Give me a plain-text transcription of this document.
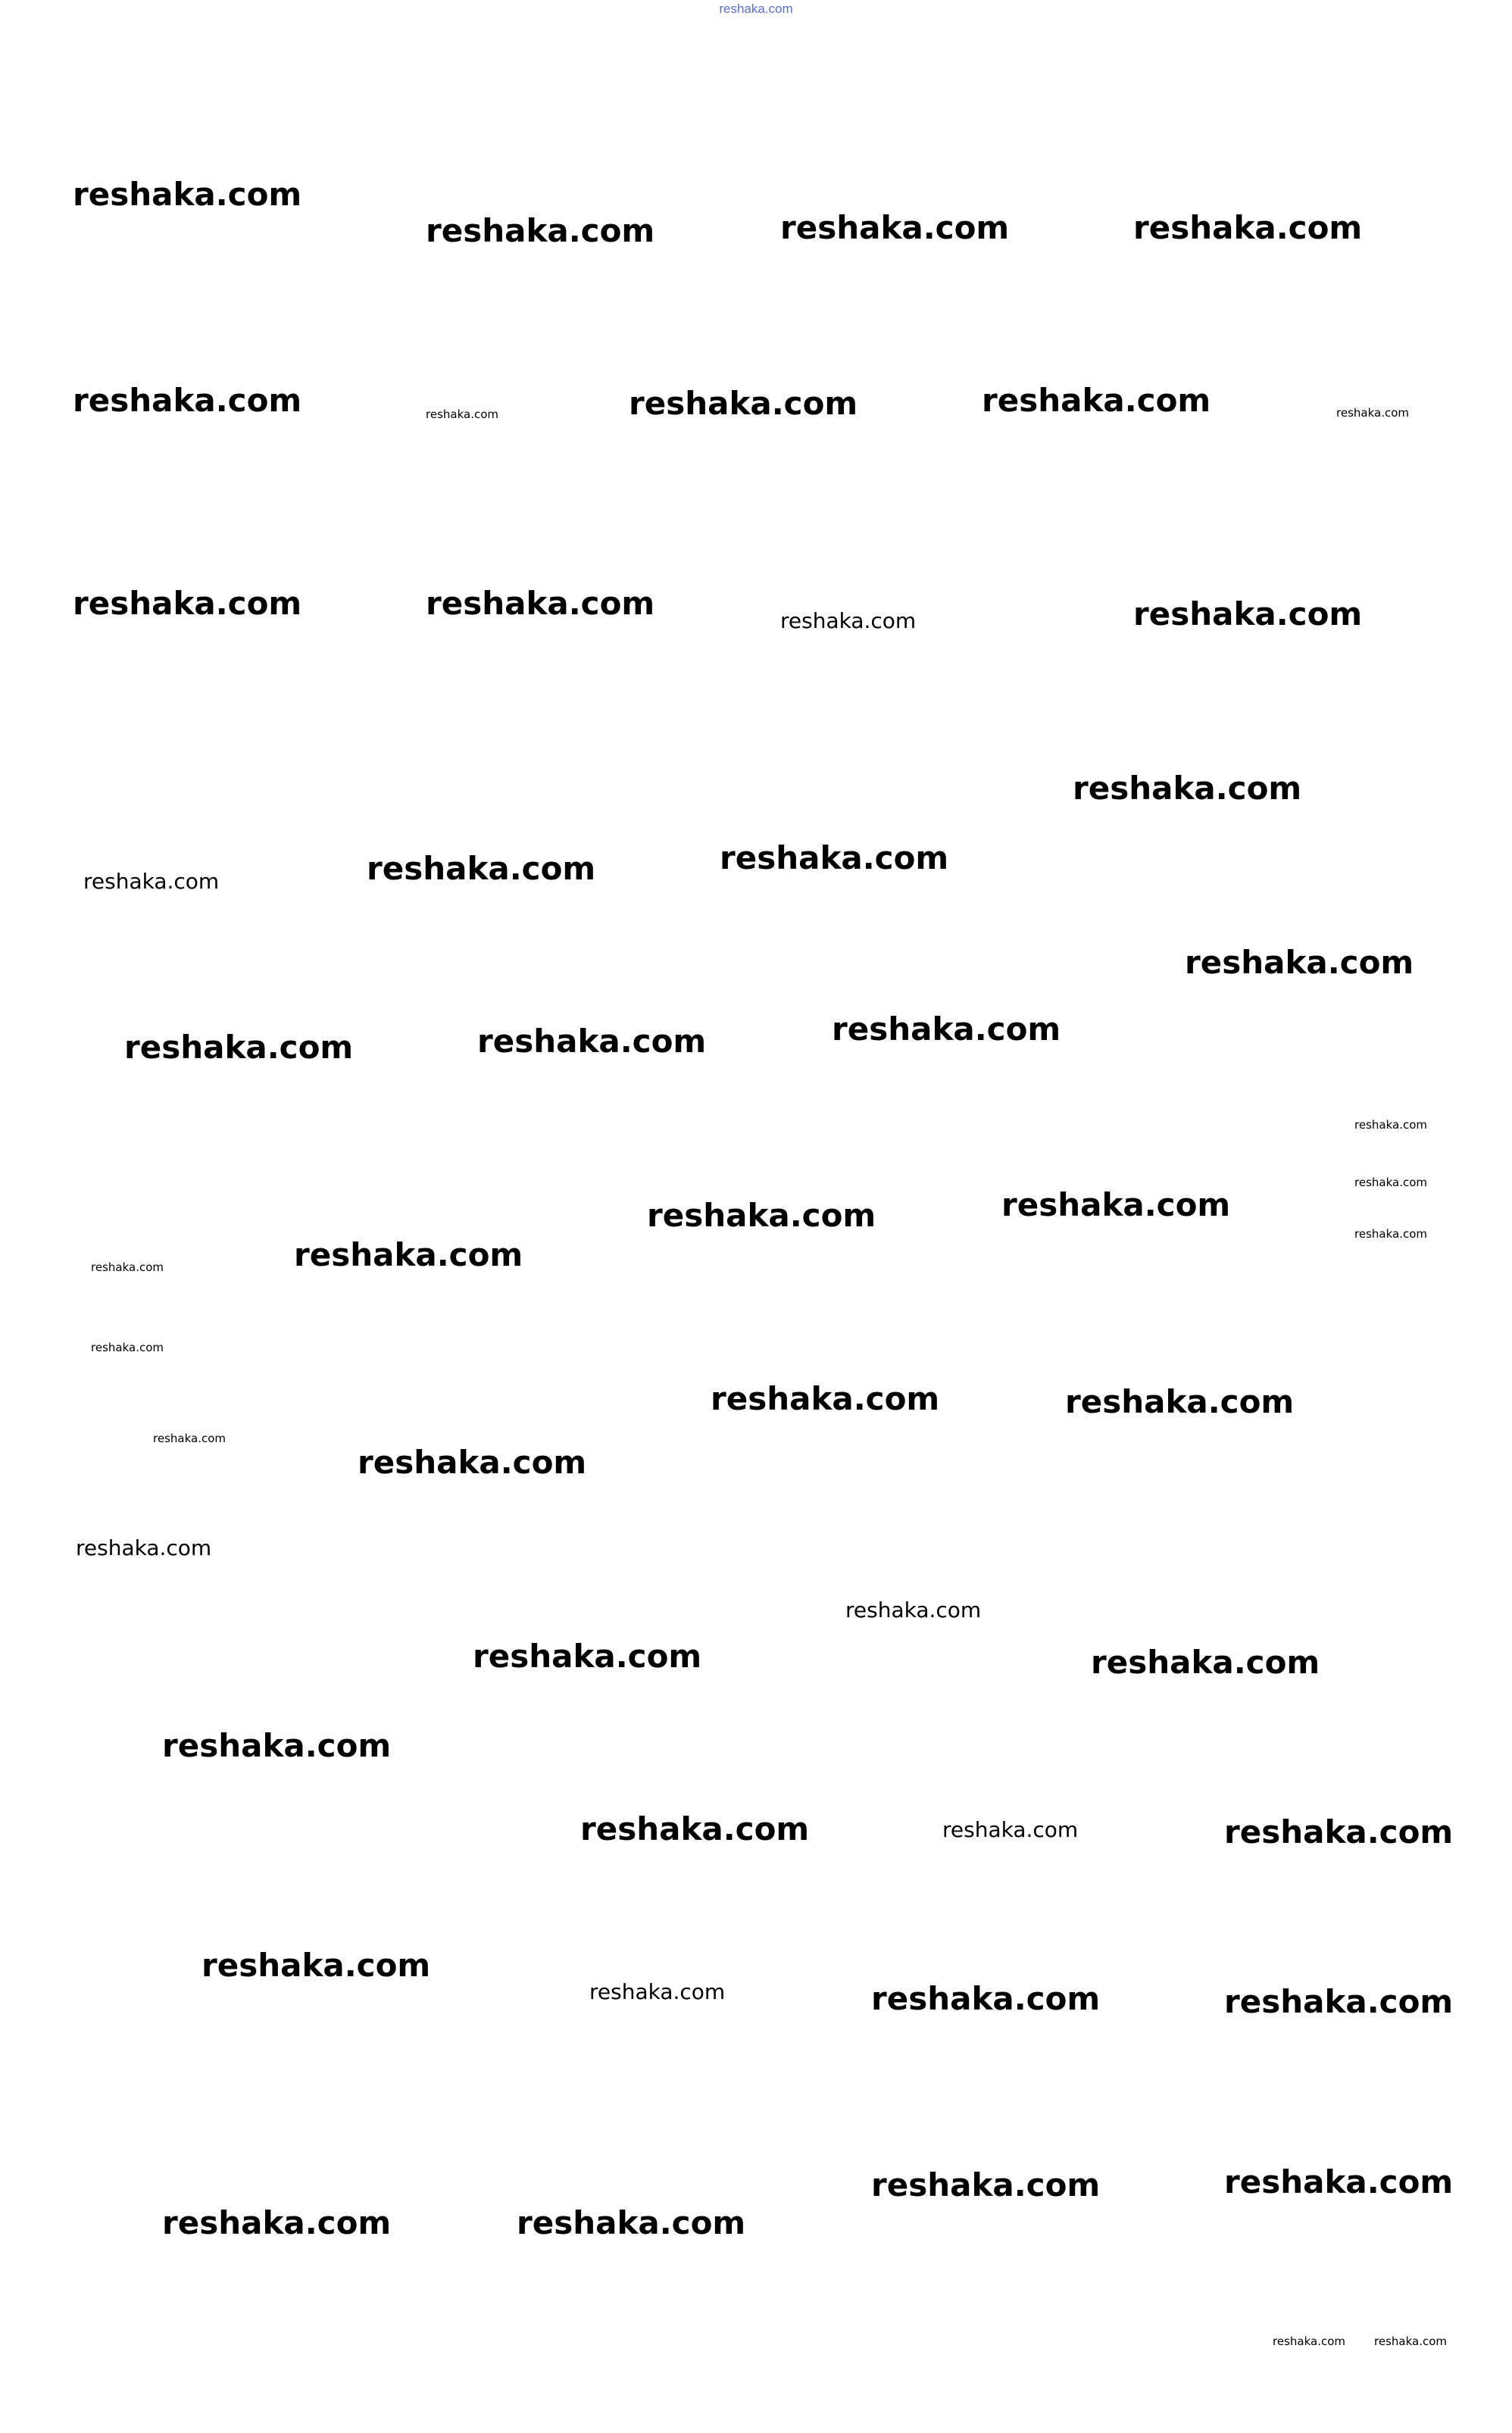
reshaka.com
reshaka.com
reshaka.com	reshaka.com	reshaka.com
reshaka.com	reshaka.com	reshaka.com	reshaka.com	reshaka.com
reshaka.com	reshaka.com	reshaka.com	reshaka.com
reshaka.com
reshaka.com	reshaka.com
reshaka.com
reshaka.com
reshaka.com	reshaka.com	reshaka.com
reshaka.com
reshaka.com
reshaka.com
reshaka.com	reshaka.com
reshaka.com
reshaka.com
reshaka.com
reshaka.com	reshaka.com
reshaka.com
reshaka.com
reshaka.com
reshaka.com
reshaka.com	reshaka.com
reshaka.com
reshaka.com	reshaka.com	reshaka.com
reshaka.com
reshaka.com	reshaka.com	reshaka.com
reshaka.com	reshaka.com
reshaka.com	reshaka.com
reshaka.com	reshaka.com
